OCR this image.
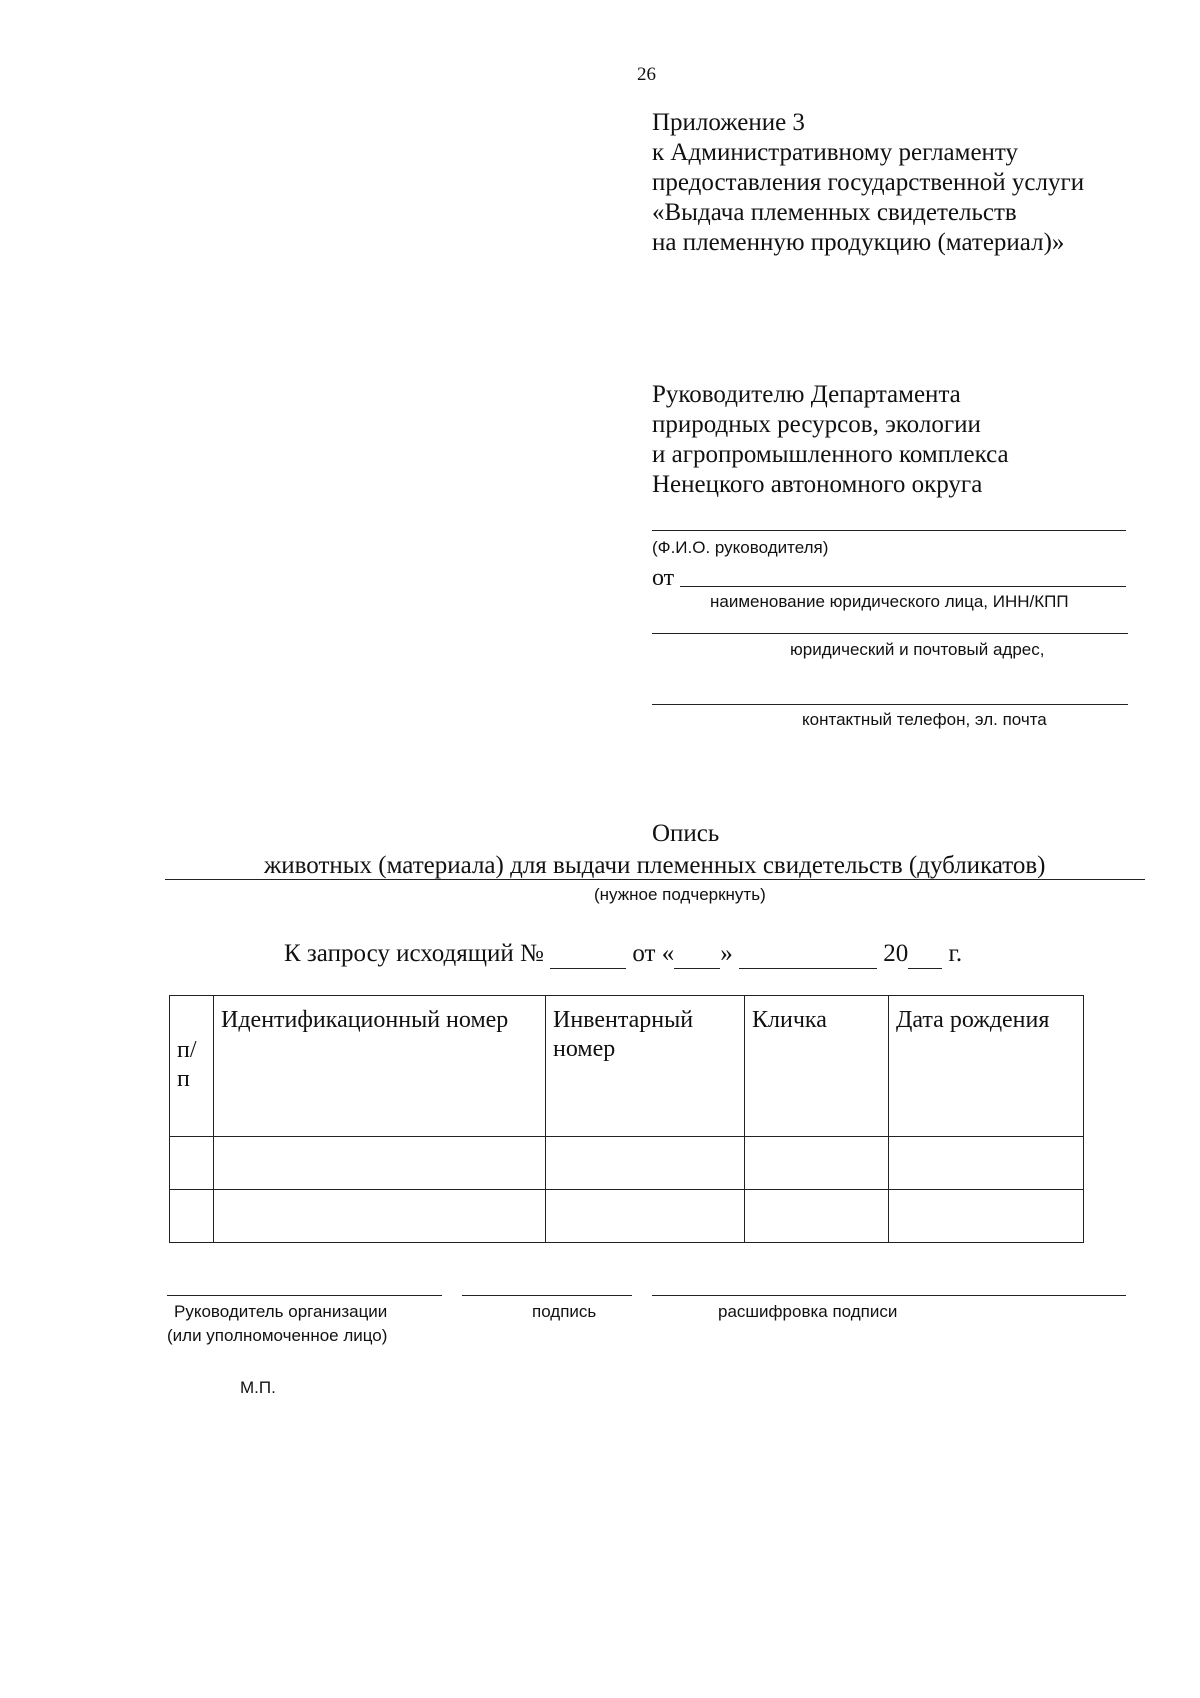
26
Приложение 3
к Административному регламенту
предоставления государственной услуги
«Выдача племенных свидетельств
на племенную продукцию (материал)»
Руководителю Департамента
природных ресурсов, экологии
и агропромышленного комплекса
Ненецкого автономного округа
(Ф.И.О. руководителя)
от
наименование юридического лица, ИНН/КПП
юридический и почтовый адрес,
контактный телефон, эл. почта
Опись
животных (материала) для выдачи племенных свидетельств (дубликатов)
(нужное подчеркнуть)
К запросу исходящий №	от « »	20 г.
п/ п	Идентификационный номер	Инвентарный номер	Кличка	Дата рождения

Руководитель организации
(или уполномоченное лицо)
подпись	расшифровка подписи
М.П.
